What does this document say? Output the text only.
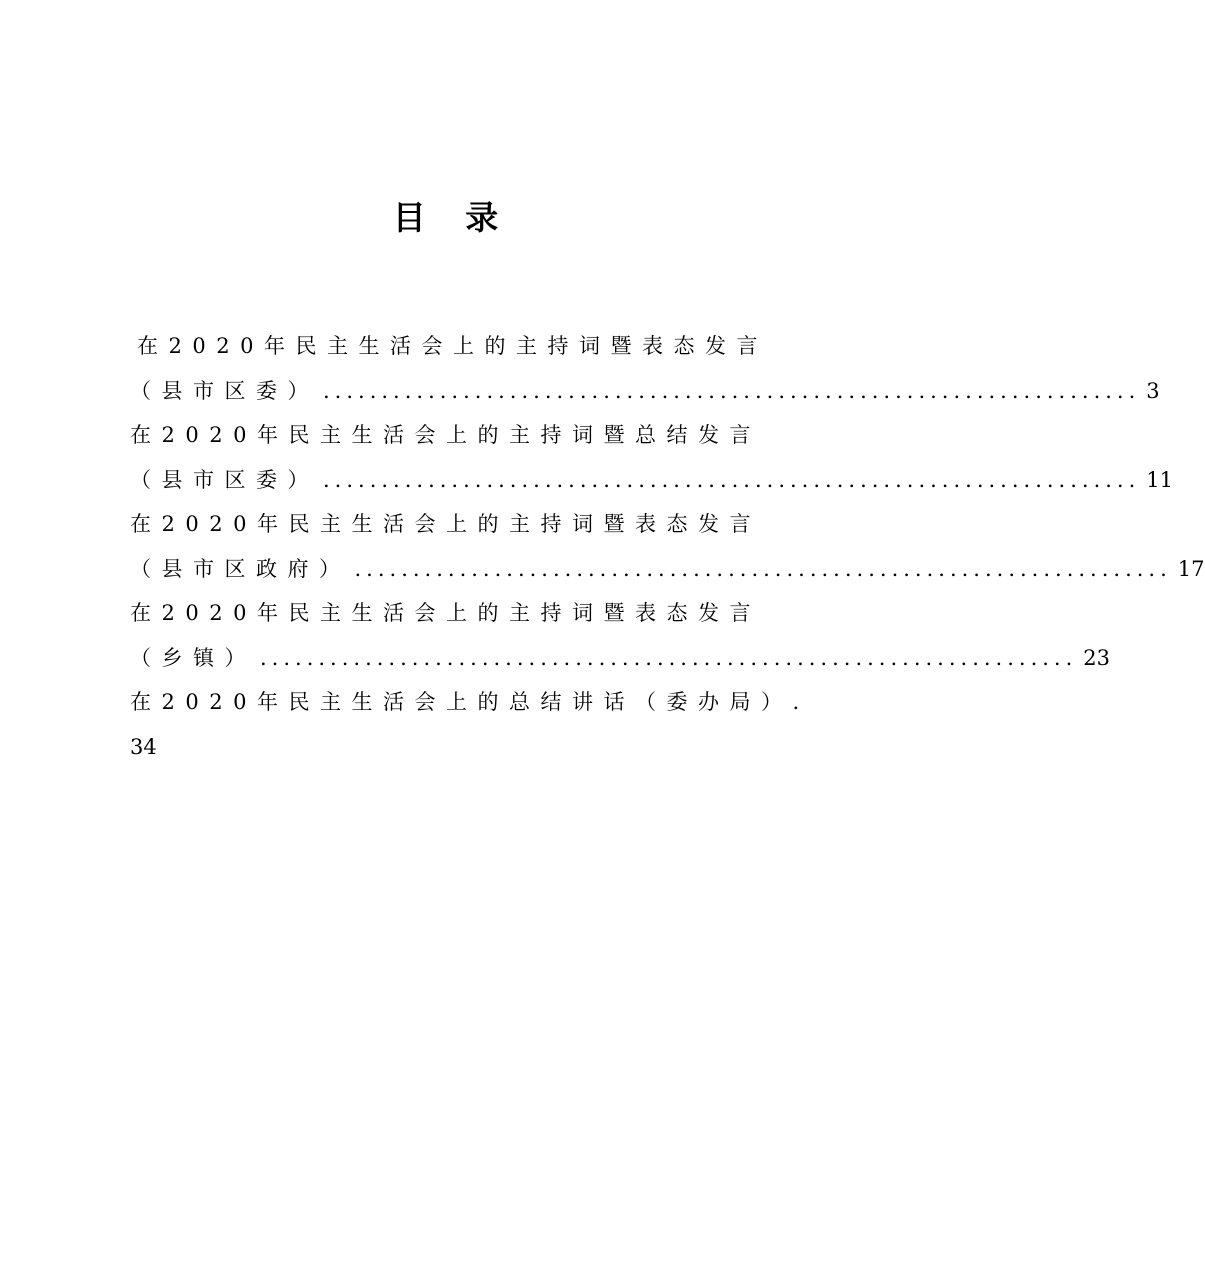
目 录
在2020年民主生活会上的主持词暨表态发言
（县市区委） ...................................................................... 3
在2020年民主生活会上的主持词暨总结发言
（县市区委） ...................................................................... 11
在2020年民主生活会上的主持词暨表态发言
（县市区政府） ...................................................................... 17
在2020年民主生活会上的主持词暨表态发言
（乡镇） ...................................................................... 23
在2020年民主生活会上的总结讲话（委办局）.
34
